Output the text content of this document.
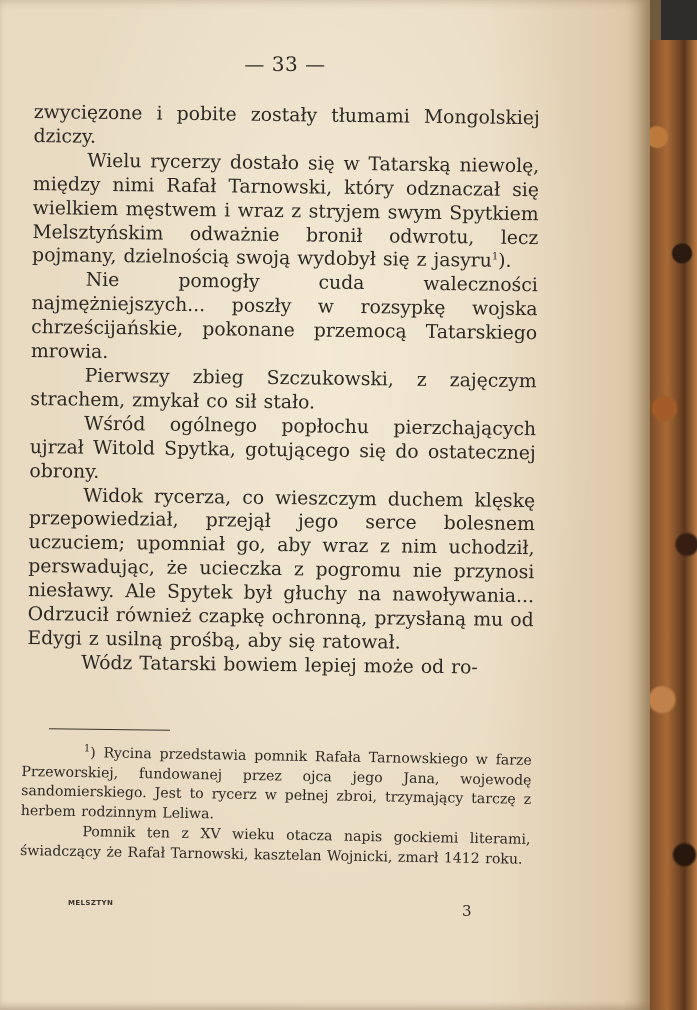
— 33 —

zwycięzone i pobite zostały tłumami Mongolskiej dziczy.

Wielu rycerzy dostało się w Tatarską niewolę, między nimi Rafał Tarnowski, który odznaczał się wielkiem męstwem i wraz z stryjem swym Spytkiem Melsztyńskim odważnie bronił odwrotu, lecz pojmany, dzielnością swoją wydobył się z jasyru$^1$).

Nie pomogły cuda waleczności najmężniejszych... poszły w rozsypkę wojska chrześcijańskie, pokonane przemocą Tatarskiego mrowia.

Pierwszy zbieg Szczukowski, z zajęczym strachem, zmykał co sił stało.

Wśród ogólnego popłochu pierzchających ujrzał Witold Spytka, gotującego się do ostatecznej obrony.

Widok rycerza, co wieszczym duchem klęskę przepowiedział, przejął jego serce bolesnem uczuciem; upomniał go, aby wraz z nim uchodził, perswadując, że ucieczka z pogromu nie przynosi niesławy. Ale Spytek był głuchy na nawoływania... Odrzucił również czapkę ochronną, przysłaną mu od Edygi z usilną prośbą, aby się ratował.

Wódz Tatarski bowiem lepiej może od ro-

$^1$) Rycina przedstawia pomnik Rafała Tarnowskiego w farze Przeworskiej, fundowanej przez ojca jego Jana, wojewodę sandomierskiego. Jest to rycerz w pełnej zbroi, trzymający tarczę z herbem rodzinnym Leliwa.

Pomnik ten z XV wieku otacza napis gockiemi literami, świadczący że Rafał Tarnowski, kasztelan Wojnicki, zmarł 1412 roku.

MELSZTYN	3
